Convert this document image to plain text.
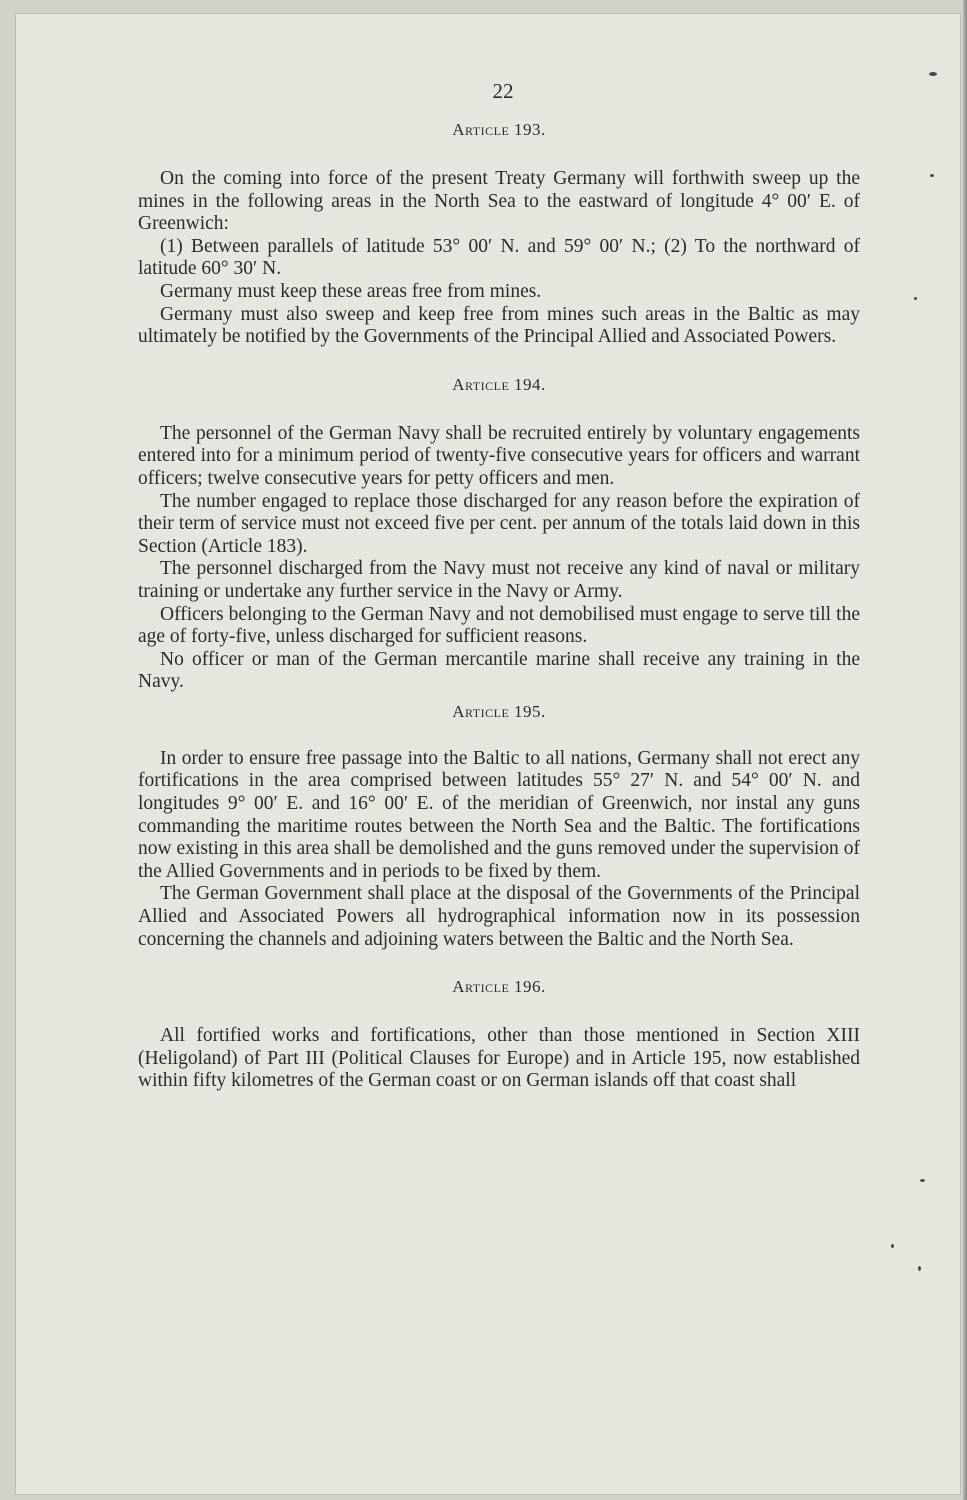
22
Article 193.

On the coming into force of the present Treaty Germany will forthwith sweep up the mines in the following areas in the North Sea to the eastward of longitude 4° 00′ E. of Greenwich:

(1) Between parallels of latitude 53° 00′ N. and 59° 00′ N.; (2) To the northward of latitude 60° 30′ N.

Germany must keep these areas free from mines.

Germany must also sweep and keep free from mines such areas in the Baltic as may ultimately be notified by the Governments of the Principal Allied and Associated Powers.

Article 194.

The personnel of the German Navy shall be recruited entirely by voluntary engagements entered into for a minimum period of twenty-five consecutive years for officers and warrant officers; twelve consecutive years for petty officers and men.

The number engaged to replace those discharged for any reason before the expiration of their term of service must not exceed five per cent. per annum of the totals laid down in this Section (Article 183).

The personnel discharged from the Navy must not receive any kind of naval or military training or undertake any further service in the Navy or Army.

Officers belonging to the German Navy and not demobilised must engage to serve till the age of forty-five, unless discharged for sufficient reasons.

No officer or man of the German mercantile marine shall receive any training in the Navy.

Article 195.

In order to ensure free passage into the Baltic to all nations, Germany shall not erect any fortifications in the area comprised between latitudes 55° 27′ N. and 54° 00′ N. and longitudes 9° 00′ E. and 16° 00′ E. of the meridian of Greenwich, nor instal any guns commanding the maritime routes between the North Sea and the Baltic. The fortifications now existing in this area shall be demolished and the guns removed under the supervision of the Allied Governments and in periods to be fixed by them.

The German Government shall place at the disposal of the Governments of the Principal Allied and Associated Powers all hydrographical information now in its possession concerning the channels and adjoining waters between the Baltic and the North Sea.

Article 196.

All fortified works and fortifications, other than those mentioned in Section XIII (Heligoland) of Part III (Political Clauses for Europe) and in Article 195, now established within fifty kilometres of the German coast or on German islands off that coast shall
